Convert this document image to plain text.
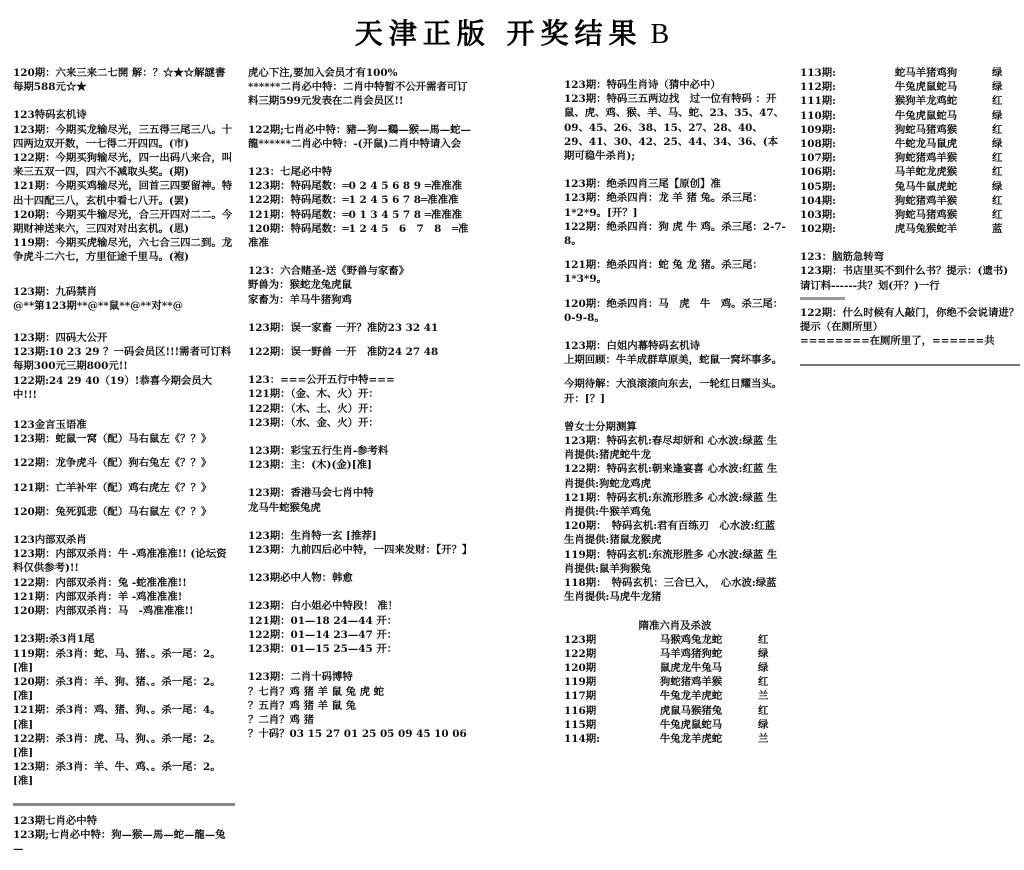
天津正版 开奖结果 B
120期：六来三来二七開 解：？☆★☆解謎書每期588元☆★
123特码玄机诗
123期：今期买龙输尽光，三五得三尾三八。十四两边双开数，一七得二开四四。(市)
122期：今期买狗输尽光，四一出码八来合，叫来三五双一四，四六不减取头奖。(期)
121期：今期买鸡输尽光，回首三四要留神。特出十四配三八，玄机中看七八开。(罢)
120期：今期买牛输尽光，合三开四对二二。今期财神送来六，三四对对出玄机。(思)
119期：今期买虎输尽光，六七合三四二到。龙争虎斗二六七，方里征途千里马。(袍)
123期：九码禁肖
@**第123期**@**鼠**@**对**@
123期：四码大公开
123期:10 23 29 ？一码会员区!!!需者可订料每期300元三期800元!!
122期:24 29 40（19）!恭喜今期会员大中!!!
123金言玉语准
123期：蛇鼠一窝（配）马右鼠左《？？》
122期：龙争虎斗（配）狗右兔左《？？》
121期：亡羊补牢（配）鸡右虎左《？？》
120期：兔死狐悲（配）马右鼠左《？？》
123内部双杀肖
123期：内部双杀肖：牛 -鸡准准准!! (论坛资料仅供参考)!!
122期：内部双杀肖：兔 -蛇准准准!!
121期：内部双杀肖：羊 -鸡准准准!
120期：内部双杀肖：马　-鸡准准准!!
123期:杀3肖1尾
119期：杀3肖：蛇、马、猪、。杀一尾：2。[准]
120期：杀3肖：羊、狗、猪、。杀一尾：2。[准]
121期：杀3肖：鸡、猪、狗、。杀一尾：4。[准]
122期：杀3肖：虎、马、狗、。杀一尾：2。[准]
123期：杀3肖：羊、牛、鸡、。杀一尾：2。[准]
123期七肖必中特
123期;七肖必中特：狗—猴—馬—蛇—龍—兔—
虎心下注,要加入会员才有100%
******二肖必中特：二肖中特暂不公开需者可订料三期599元发表在二肖会员区!!
122期;七肖必中特：豬—狗—鷄—猴—馬—蛇—龍******二肖必中特：-(开鼠)二肖中特请入会
123：七尾必中特
123期：特码尾数：═0 2 4 5 6 8 9 ═准准准
122期：特码尾数：═1 2 4 5 6 7 8═准准准
121期：特码尾数：═0 1 3 4 5 7 8 ═准准准
120期：特码尾数：═1 2 4 5　6　7　8　═准准准
123：六合赌圣-送《野兽与家畜》
野兽为：猴蛇龙兔虎鼠
家畜为：羊马牛猪狗鸡
123期：误一家畜 一开？准防23 32 41
122期：误一野兽 一开　准防24 27 48
123：===公开五行中特===
121期：（金、木、火）开：
122期：（木、土、火）开：
123期：（水、金、火）开：
123期：彩宝五行生肖-参考料
123期：主：(木)(金)[准]
123期：香港马会七肖中特
龙马牛蛇猴兔虎
123期：生肖特一玄 [推荐]
123期：九前四后必中特，一四来发财：【开？】
123期必中人物：韩愈
123期：白小姐必中特段！ 准！
121期：01—18 24—44 开：
122期：01—14 23—47 开：
123期：01—15 25—45 开：
123期：二肖十码博特
？七肖？鸡 猪 羊 鼠 兔 虎 蛇
？五肖？鸡 猪 羊 鼠 兔
？二肖？鸡 猪
？十码？03 15 27 01 25 05 09 45 10 06
123期：特码生肖诗（猜中必中）
123期：特码三五两边找　过一位有特码 ：开鼠、虎、鸡、猴、羊、马、蛇、23、35、47、09、45、26、38、15、27、28、40、29、41、30、42、25、44、34、36、(本期可稳牛杀肖);
123期：绝杀四肖三尾【原创】准
123期：绝杀四肖：龙 羊 猪 兔。杀三尾：1*2*9。[开？]
122期：绝杀四肖：狗 虎 牛 鸡。杀三尾：2-7-8。
121期：绝杀四肖：蛇 兔 龙 猪。杀三尾：1*3*9。
120期：绝杀四肖：马　虎　牛　鸡。杀三尾：0-9-8。
123期：白姐内幕特码玄机诗
上期回顾：牛羊成群草原美，蛇鼠一窝坏事多。
今期待解：大浪滚滚向东去，一轮红日耀当头。开：[？]
曾女士分期测算
123期：特码玄机:春尽却妍和 心水波:绿蓝 生肖提供:猪虎蛇牛龙
122期：特码玄机:朝来逢宴喜 心水波:红蓝 生肖提供:狗蛇龙鸡虎
121期：特码玄机:东流形胜多 心水波:绿蓝 生肖提供:牛猴羊鸡兔
120期：　特码玄机:君有百练刃　心水波:红蓝　生肖提供:猪鼠龙猴虎
119期：特码玄机:东流形胜多 心水波:绿蓝 生肖提供:鼠羊狗猴兔
118期：　特码玄机：三合已入，　心水波:绿蓝　生肖提供:马虎牛龙猪
隋准六肖及杀波
123期	马猴鸡兔龙蛇	红
122期	马羊鸡猪狗蛇	绿
120期	鼠虎龙牛兔马	绿
119期	狗蛇猪鸡羊猴	红
117期	牛兔龙羊虎蛇	兰
116期	虎鼠马猴猪兔	红
115期	牛兔虎鼠蛇马	绿
114期:	牛兔龙羊虎蛇	兰
113期:	蛇马羊猪鸡狗	绿
112期:	牛兔虎鼠蛇马	绿
111期:	猴狗羊龙鸡蛇	红
110期:	牛兔虎鼠蛇马	绿
109期:	狗蛇马猪鸡猴	红
108期:	牛蛇龙马鼠虎	绿
107期:	狗蛇猪鸡羊猴	红
106期:	马羊蛇龙虎猴	红
105期:	兔马牛鼠虎蛇	绿
104期:	狗蛇猪鸡羊猴	红
103期:	狗蛇马猪鸡猴	红
102期:	虎马兔猴蛇羊	蓝
123：脑筋急转弯
123期：书店里买不到什么书？提示：(遗书)
请订料------共？划(开？)一行
122期：什么时候有人敲门，你绝不会说请进？提示（在厕所里）
========在厕所里了，======共
